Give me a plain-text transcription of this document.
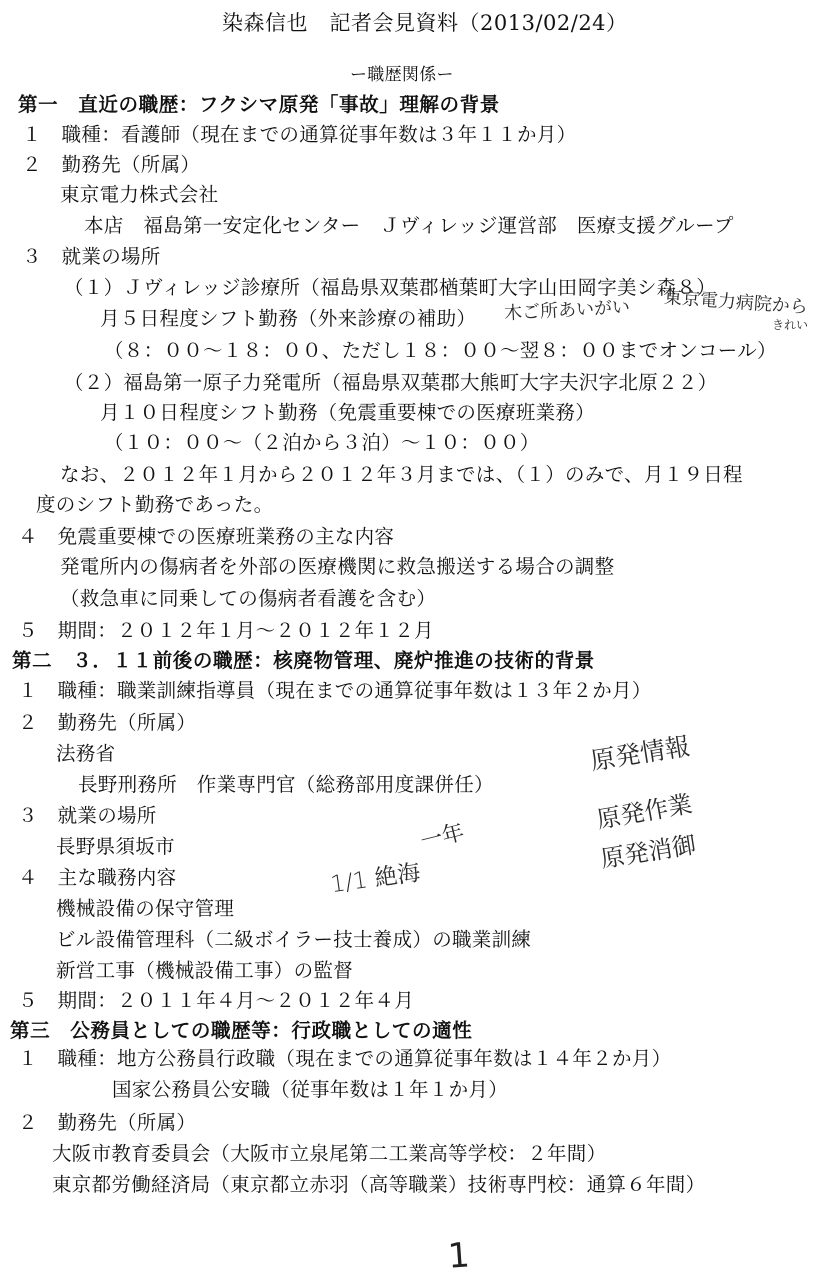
染森信也　記者会見資料（2013/02/24）
ー職歴関係ー
第一　直近の職歴：フクシマ原発「事故」理解の背景
１　職種：看護師（現在までの通算従事年数は３年１１か月）
２　勤務先（所属）
東京電力株式会社
本店　福島第一安定化センター　Ｊヴィレッジ運営部　医療支援グループ
３　就業の場所
（１）Ｊヴィレッジ診療所（福島県双葉郡楢葉町大字山田岡字美シ森８）
月５日程度シフト勤務（外来診療の補助）
（８：００～１８：００、ただし１８：００～翌８：００までオンコール）
（２）福島第一原子力発電所（福島県双葉郡大熊町大字夫沢字北原２２）
月１０日程度シフト勤務（免震重要棟での医療班業務）
（１０：００～（２泊から３泊）～１０：００）
なお、２０１２年１月から２０１２年３月までは、（１）のみで、月１９日程
度のシフト勤務であった。
４　免震重要棟での医療班業務の主な内容
発電所内の傷病者を外部の医療機関に救急搬送する場合の調整
（救急車に同乗しての傷病者看護を含む）
５　期間：２０１２年１月～２０１２年１２月
第二　３．１１前後の職歴：核廃物管理、廃炉推進の技術的背景
１　職種：職業訓練指導員（現在までの通算従事年数は１３年２か月）
２　勤務先（所属）
法務省
長野刑務所　作業専門官（総務部用度課併任）
３　就業の場所
長野県須坂市
４　主な職務内容
機械設備の保守管理
ビル設備管理科（二級ボイラー技士養成）の職業訓練
新営工事（機械設備工事）の監督
５　期間：２０１１年４月～２０１２年４月
第三　公務員としての職歴等：行政職としての適性
１　職種：地方公務員行政職（現在までの通算従事年数は１４年２か月）
国家公務員公安職（従事年数は１年１か月）
２　勤務先（所属）
大阪市教育委員会（大阪市立泉尾第二工業高等学校：２年間）
東京都労働経済局（東京都立赤羽（高等職業）技術専門校：通算６年間）
木ご所あいがい 東京電力病院から
きれい
原発情報
原発作業
原発消御
一年
1/1 絶海
1
